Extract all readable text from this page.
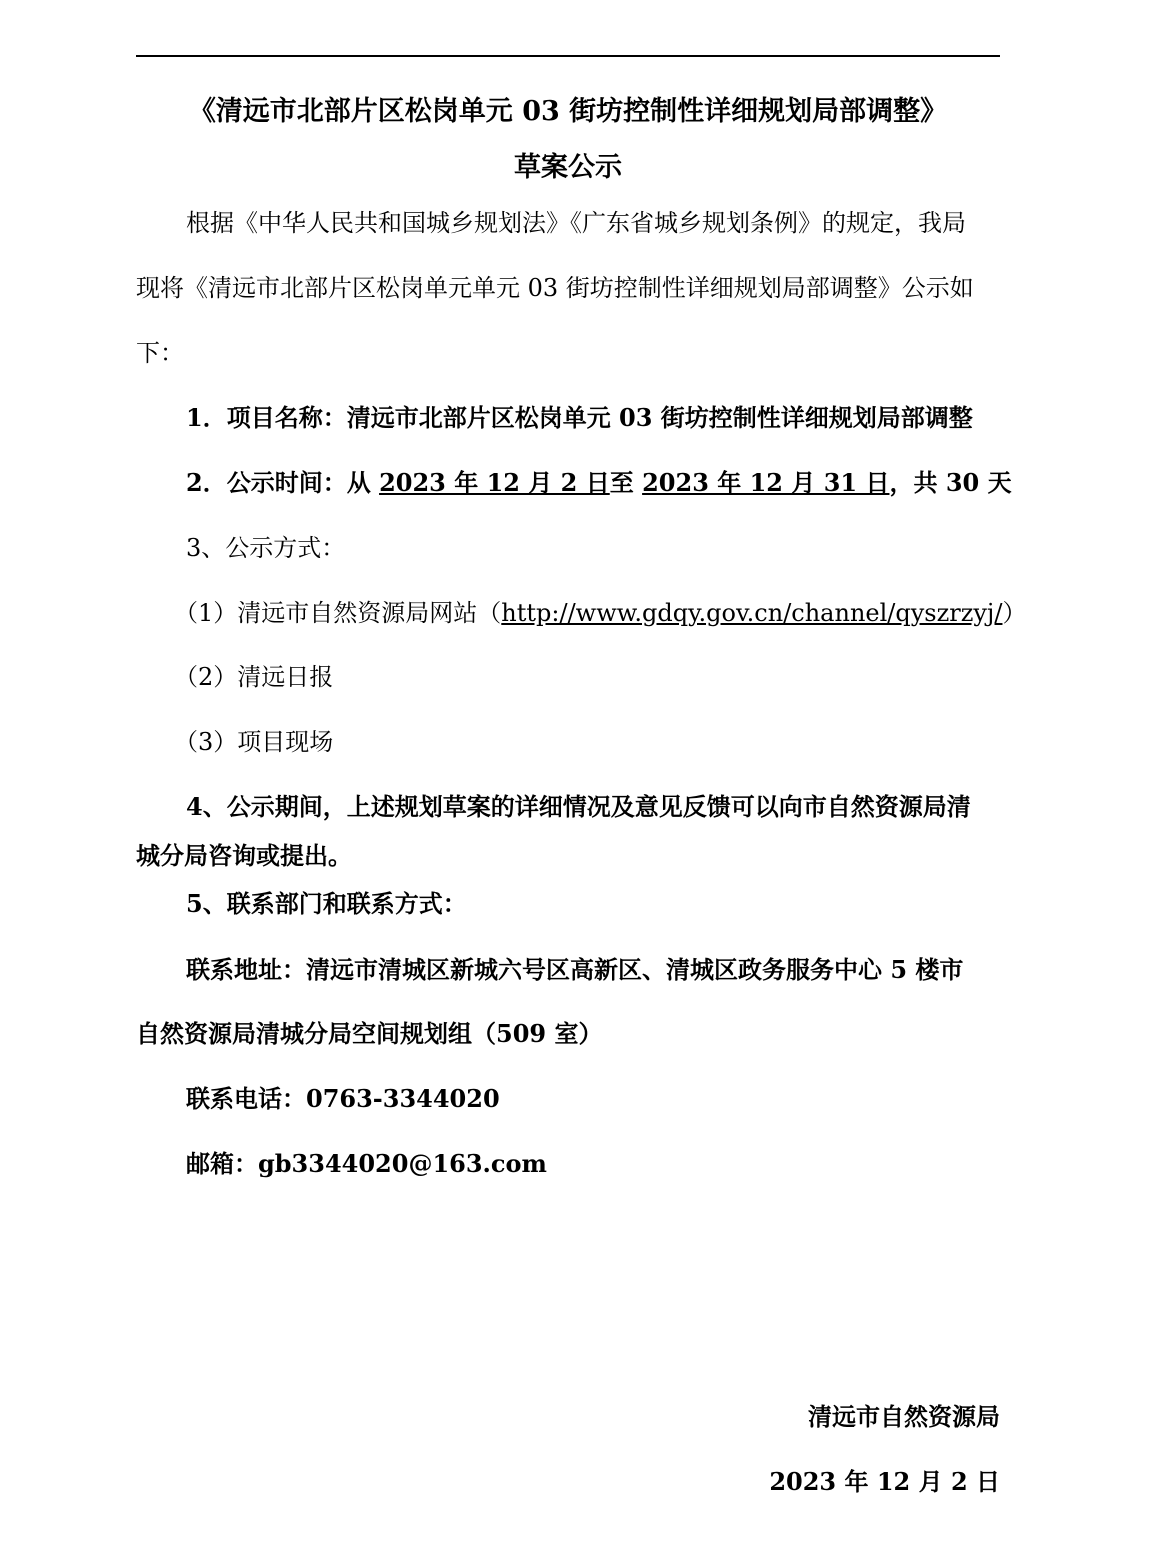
《清远市北部片区松岗单元 03 街坊控制性详细规划局部调整》
草案公示
根据《中华人民共和国城乡规划法》《广东省城乡规划条例》的规定，我局
现将《清远市北部片区松岗单元单元 03 街坊控制性详细规划局部调整》公示如
下：
1．项目名称：清远市北部片区松岗单元 03 街坊控制性详细规划局部调整
2．公示时间：从 2023 年 12 月 2 日至 2023 年 12 月 31 日，共 30 天
3、公示方式：
（1）清远市自然资源局网站（http://www.gdqy.gov.cn/channel/qyszrzyj/）
（2）清远日报
（3）项目现场
4、公示期间，上述规划草案的详细情况及意见反馈可以向市自然资源局清
城分局咨询或提出。
5、联系部门和联系方式：
联系地址：清远市清城区新城六号区高新区、清城区政务服务中心 5 楼市
自然资源局清城分局空间规划组（509 室）
联系电话：0763-3344020
邮箱：gb3344020@163.com
清远市自然资源局
2023 年 12 月 2 日
